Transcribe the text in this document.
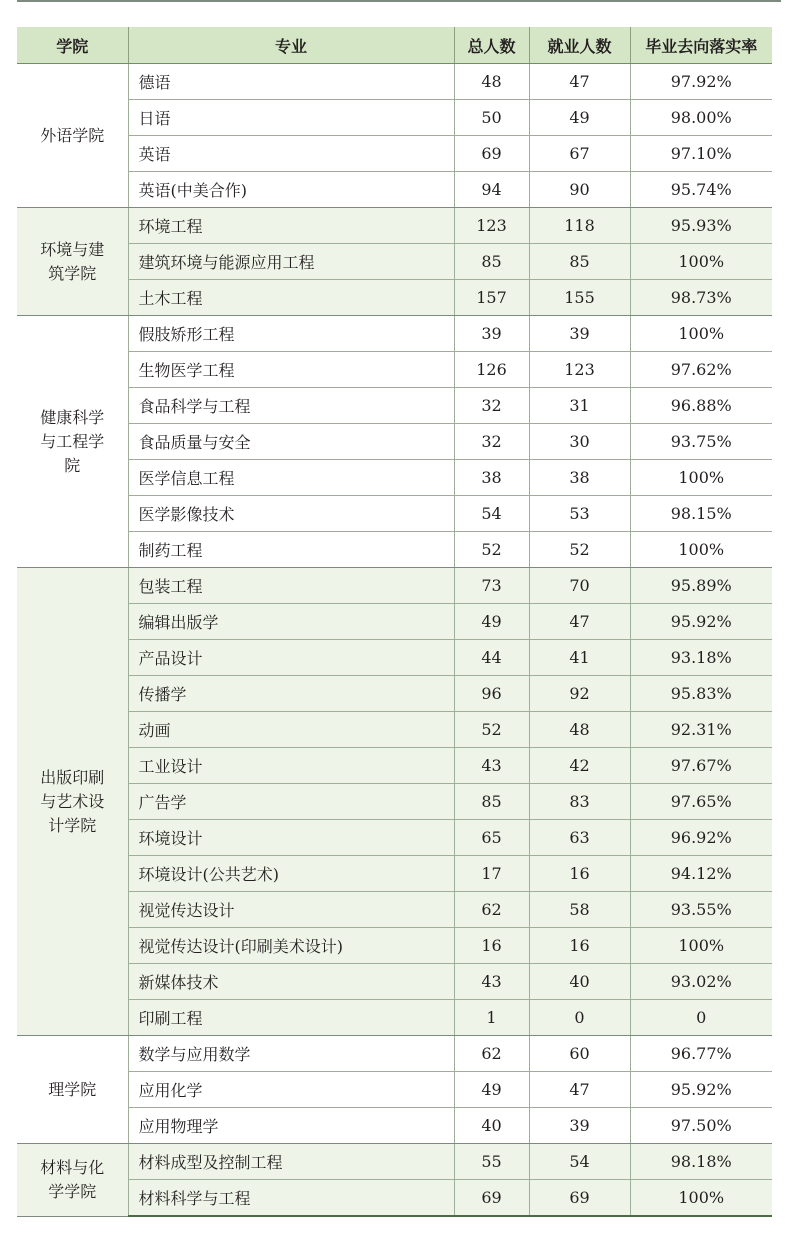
学院	专业	总人数	就业人数	毕业去向落实率

外语学院	德语	48	47	97.92%
	日语	50	49	98.00%
	英语	69	67	97.10%
	英语(中美合作)	94	90	95.74%

环境与建
筑学院	环境工程	123	118	95.93%
	建筑环境与能源应用工程	85	85	100%
	土木工程	157	155	98.73%

健康科学
与工程学
院	假肢矫形工程	39	39	100%
	生物医学工程	126	123	97.62%
	食品科学与工程	32	31	96.88%
	食品质量与安全	32	30	93.75%
	医学信息工程	38	38	100%
	医学影像技术	54	53	98.15%
	制药工程	52	52	100%

出版印刷
与艺术设
计学院	包装工程	73	70	95.89%
	编辑出版学	49	47	95.92%
	产品设计	44	41	93.18%
	传播学	96	92	95.83%
	动画	52	48	92.31%
	工业设计	43	42	97.67%
	广告学	85	83	97.65%
	环境设计	65	63	96.92%
	环境设计(公共艺术)	17	16	94.12%
	视觉传达设计	62	58	93.55%
	视觉传达设计(印刷美术设计)	16	16	100%
	新媒体技术	43	40	93.02%
	印刷工程	1	0	0

理学院	数学与应用数学	62	60	96.77%
	应用化学	49	47	95.92%
	应用物理学	40	39	97.50%

材料与化
学学院	材料成型及控制工程	55	54	98.18%
	材料科学与工程	69	69	100%
